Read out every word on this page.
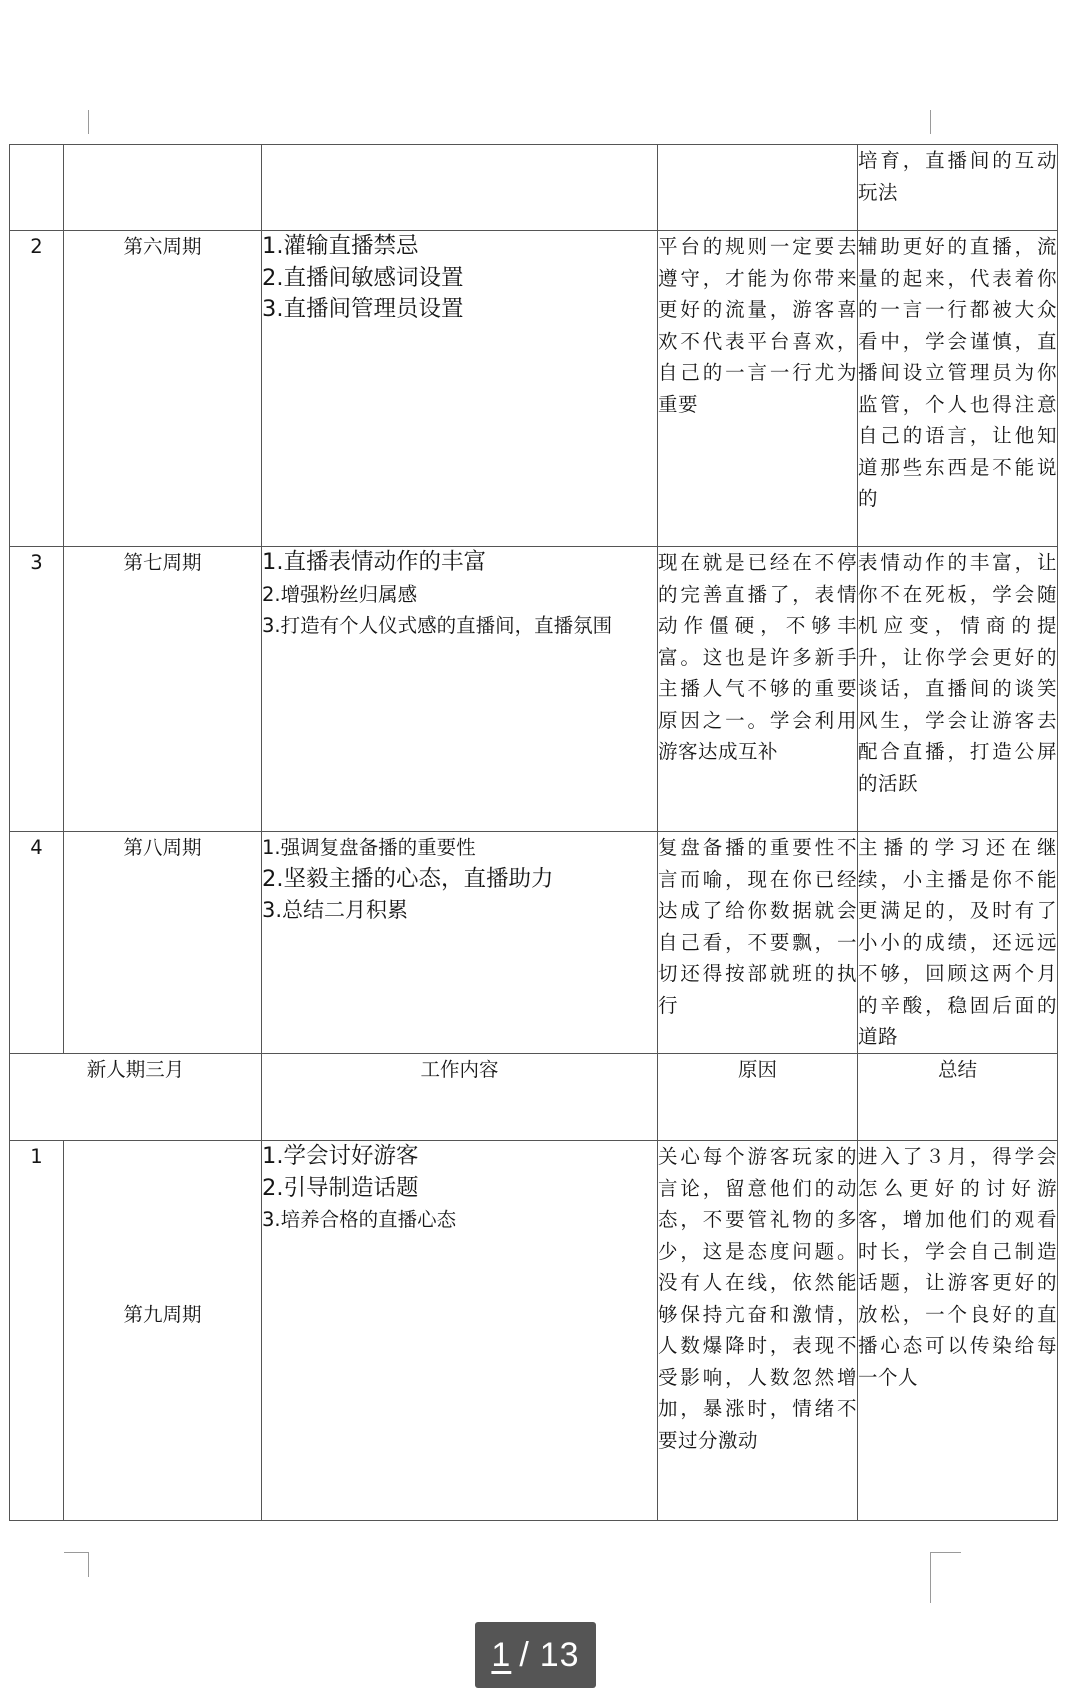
				培育，直播间的互动玩法
2	第六周期	1.灌输直播禁忌
2.直播间敏感词设置
3.直播间管理员设置	平台的规则一定要去遵守，才能为你带来更好的流量，游客喜欢不代表平台喜欢，自己的一言一行尤为重要	辅助更好的直播，流量的起来，代表着你的一言一行都被大众看中，学会谨慎，直播间设立管理员为你监管，个人也得注意自己的语言，让他知道那些东西是不能说的
3	第七周期	1.直播表情动作的丰富
2.增强粉丝归属感
3.打造有个人仪式感的直播间，直播氛围	现在就是已经在不停的完善直播了，表情动作僵硬，不够丰富。这也是许多新手主播人气不够的重要原因之一。学会利用游客达成互补	表情动作的丰富，让你不在死板，学会随机应变，情商的提升，让你学会更好的谈话，直播间的谈笑风生，学会让游客去配合直播，打造公屏的活跃
4	第八周期	1.强调复盘备播的重要性
2.坚毅主播的心态，直播助力
3.总结二月积累	复盘备播的重要性不言而喻，现在你已经达成了给你数据就会自己看，不要飘，一切还得按部就班的执行	主播的学习还在继续，小主播是你不能更满足的，及时有了小小的成绩，还远远不够，回顾这两个月的辛酸，稳固后面的道路
新人期三月		工作内容	原因	总结
1	第九周期	1.学会讨好游客
2.引导制造话题
3.培养合格的直播心态	关心每个游客玩家的言论，留意他们的动态，不要管礼物的多少，这是态度问题。没有人在线，依然能够保持亢奋和激情，人数爆降时，表现不受影响，人数忽然增加，暴涨时，情绪不要过分激动	进入了３月，得学会怎么更好的讨好游客，增加他们的观看时长，学会自己制造话题，让游客更好的放松，一个良好的直播心态可以传染给每一个人
1 / 13
